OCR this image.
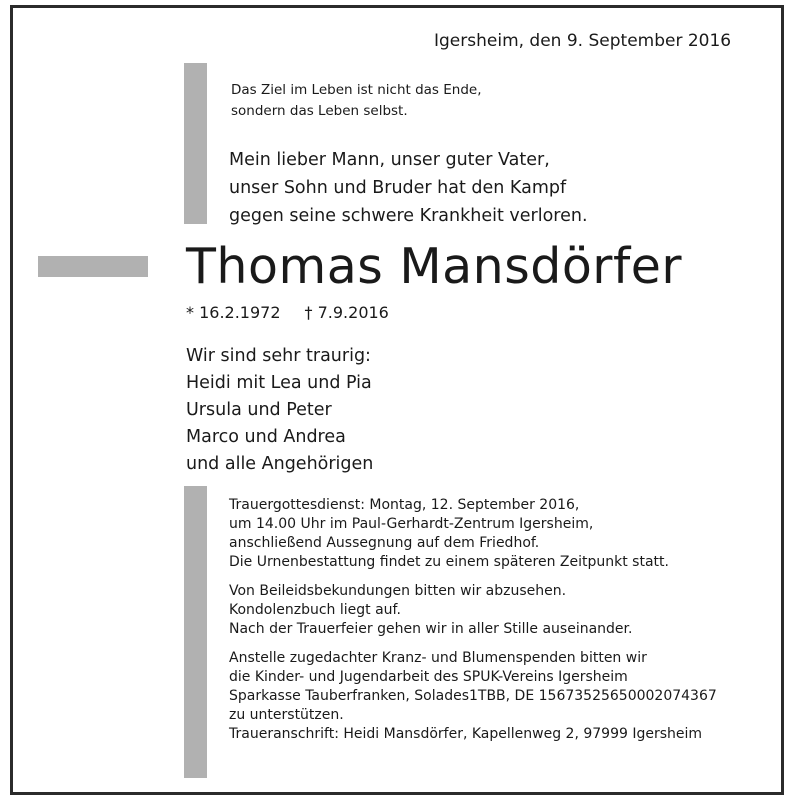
Igersheim, den 9. September 2016

Das Ziel im Leben ist nicht das Ende,
sondern das Leben selbst.
Mein lieber Mann, unser guter Vater,
unser Sohn und Bruder hat den Kampf
gegen seine schwere Krankheit verloren.
Thomas Mansdörfer
* 16.2.1972 † 7.9.2016
Wir sind sehr traurig:
Heidi mit Lea und Pia
Ursula und Peter
Marco und Andrea
und alle Angehörigen
Trauergottesdienst: Montag, 12. September 2016,
um 14.00 Uhr im Paul-Gerhardt-Zentrum Igersheim,
anschließend Aussegnung auf dem Friedhof.
Die Urnenbestattung findet zu einem späteren Zeitpunkt statt.
Von Beileidsbekundungen bitten wir abzusehen.
Kondolenzbuch liegt auf.
Nach der Trauerfeier gehen wir in aller Stille auseinander.
Anstelle zugedachter Kranz- und Blumenspenden bitten wir
die Kinder- und Jugendarbeit des SPUK-Vereins Igersheim
Sparkasse Tauberfranken, Solades1TBB, DE 15673525650002074367
zu unterstützen.
Traueranschrift: Heidi Mansdörfer, Kapellenweg 2, 97999 Igersheim
